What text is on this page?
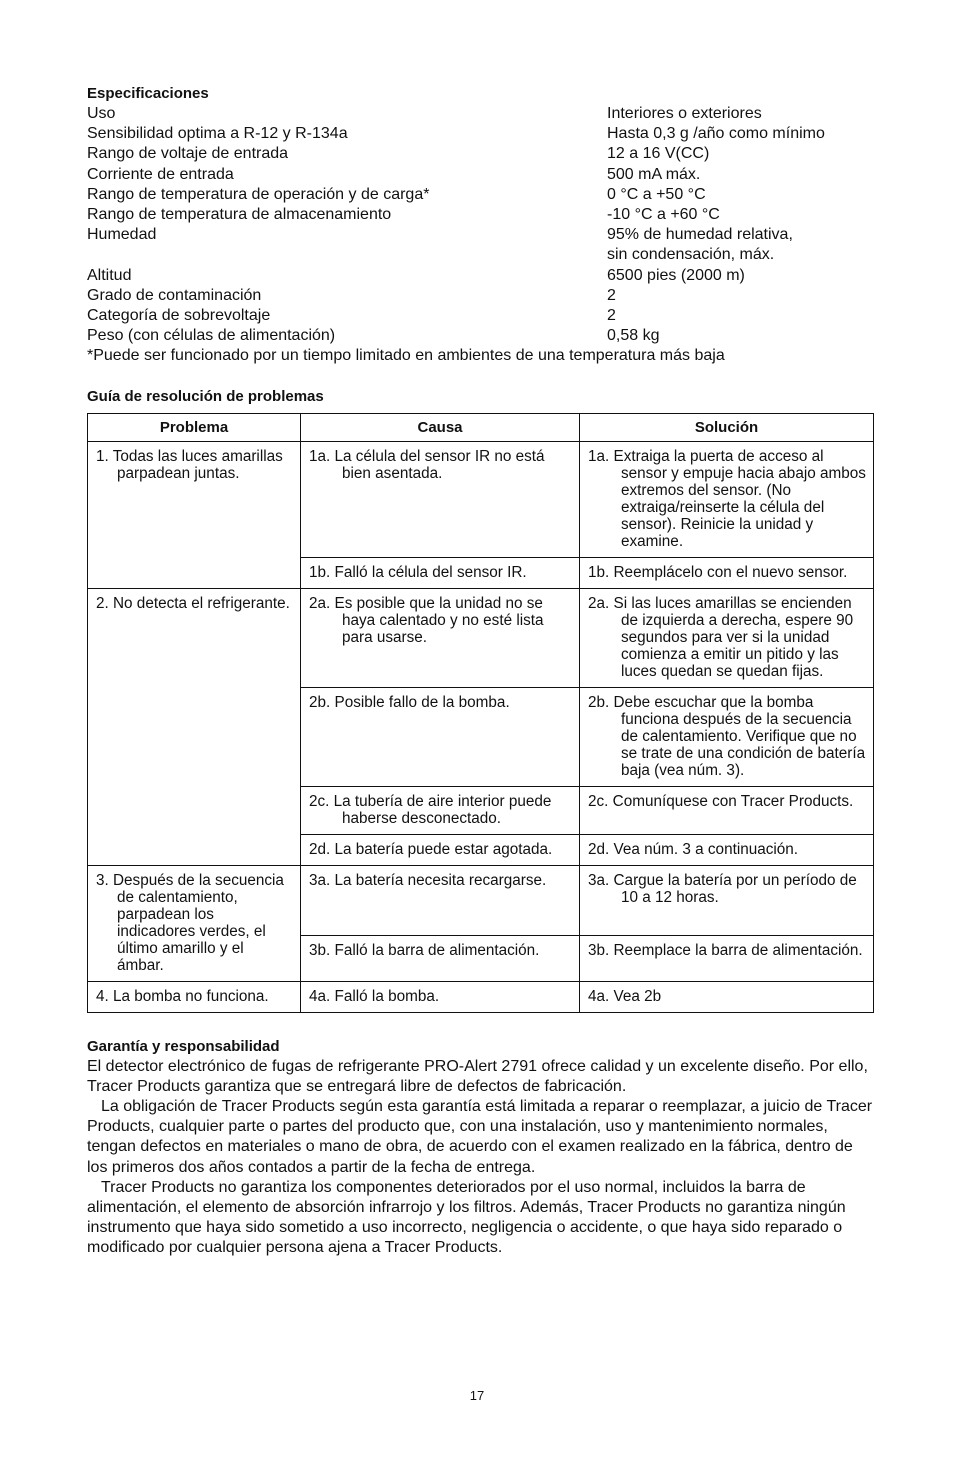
Especificaciones
Uso	Interiores o exteriores
Sensibilidad optima a R-12 y R-134a	Hasta 0,3 g /año como mínimo
Rango de voltaje de entrada	12 a 16 V(CC)
Corriente de entrada	500 mA máx.
Rango de temperatura de operación y de carga*	0 °C a +50 °C
Rango de temperatura de almacenamiento	-10 °C a +60 °C
Humedad	95% de humedad relativa,
sin condensación, máx.
Altitud	6500 pies (2000 m)
Grado de contaminación	2
Categoría de sobrevoltaje	2
Peso (con células de alimentación)	0,58 kg
*Puede ser funcionado por un tiempo limitado en ambientes de una temperatura más baja
Guía de resolución de problemas
Problema	Causa	Solución

1. Todas las luces amarillas parpadean juntas.	1a. La célula del sensor IR no está bien asentada.	1a. Extraiga la puerta de acceso al sensor y empuje hacia abajo ambos extremos del sensor. (No extraiga/reinserte la célula del sensor). Reinicie la unidad y examine.

	1b. Falló la célula del sensor IR.	1b. Reemplácelo con el nuevo sensor.

2. No detecta el refrigerante.	2a. Es posible que la unidad no se haya calentado y no esté lista para usarse.	2a. Si las luces amarillas se encienden de izquierda a derecha, espere 90 segundos para ver si la unidad comienza a emitir un pitido y las luces quedan se quedan fijas.

	2b. Posible fallo de la bomba.	2b. Debe escuchar que la bomba funciona después de la secuencia de calentamiento. Verifique que no se trate de una condición de batería baja (vea núm. 3).

	2c. La tubería de aire interior puede haberse desconectado.	2c. Comuníquese con Tracer Products.

	2d. La batería puede estar agotada.	2d. Vea núm. 3 a continuación.

3. Después de la secuencia de calentamiento, parpadean los indicadores verdes, el último amarillo y el ámbar.	3a. La batería necesita recargarse.	3a. Cargue la batería por un período de 10 a 12 horas.

	3b. Falló la barra de alimentación.	3b. Reemplace la barra de alimentación.

4. La bomba no funciona.	4a. Falló la bomba.	4a. Vea 2b
Garantía y responsabilidad

El detector electrónico de fugas de refrigerante PRO-Alert 2791 ofrece calidad y un excelente diseño. Por ello, Tracer Products garantiza que se entregará libre de defectos de fabricación.

La obligación de Tracer Products según esta garantía está limitada a reparar o reemplazar, a juicio de Tracer Products, cualquier parte o partes del producto que, con una instalación, uso y mantenimiento normales, tengan defectos en materiales o mano de obra, de acuerdo con el examen realizado en la fábrica, dentro de los primeros dos años contados a partir de la fecha de entrega.

Tracer Products no garantiza los componentes deteriorados por el uso normal, incluidos la barra de alimentación, el elemento de absorción infrarrojo y los filtros. Además, Tracer Products no garantiza ningún instrumento que haya sido sometido a uso incorrecto, negligencia o accidente, o que haya sido reparado o modificado por cualquier persona ajena a Tracer Products.

17
